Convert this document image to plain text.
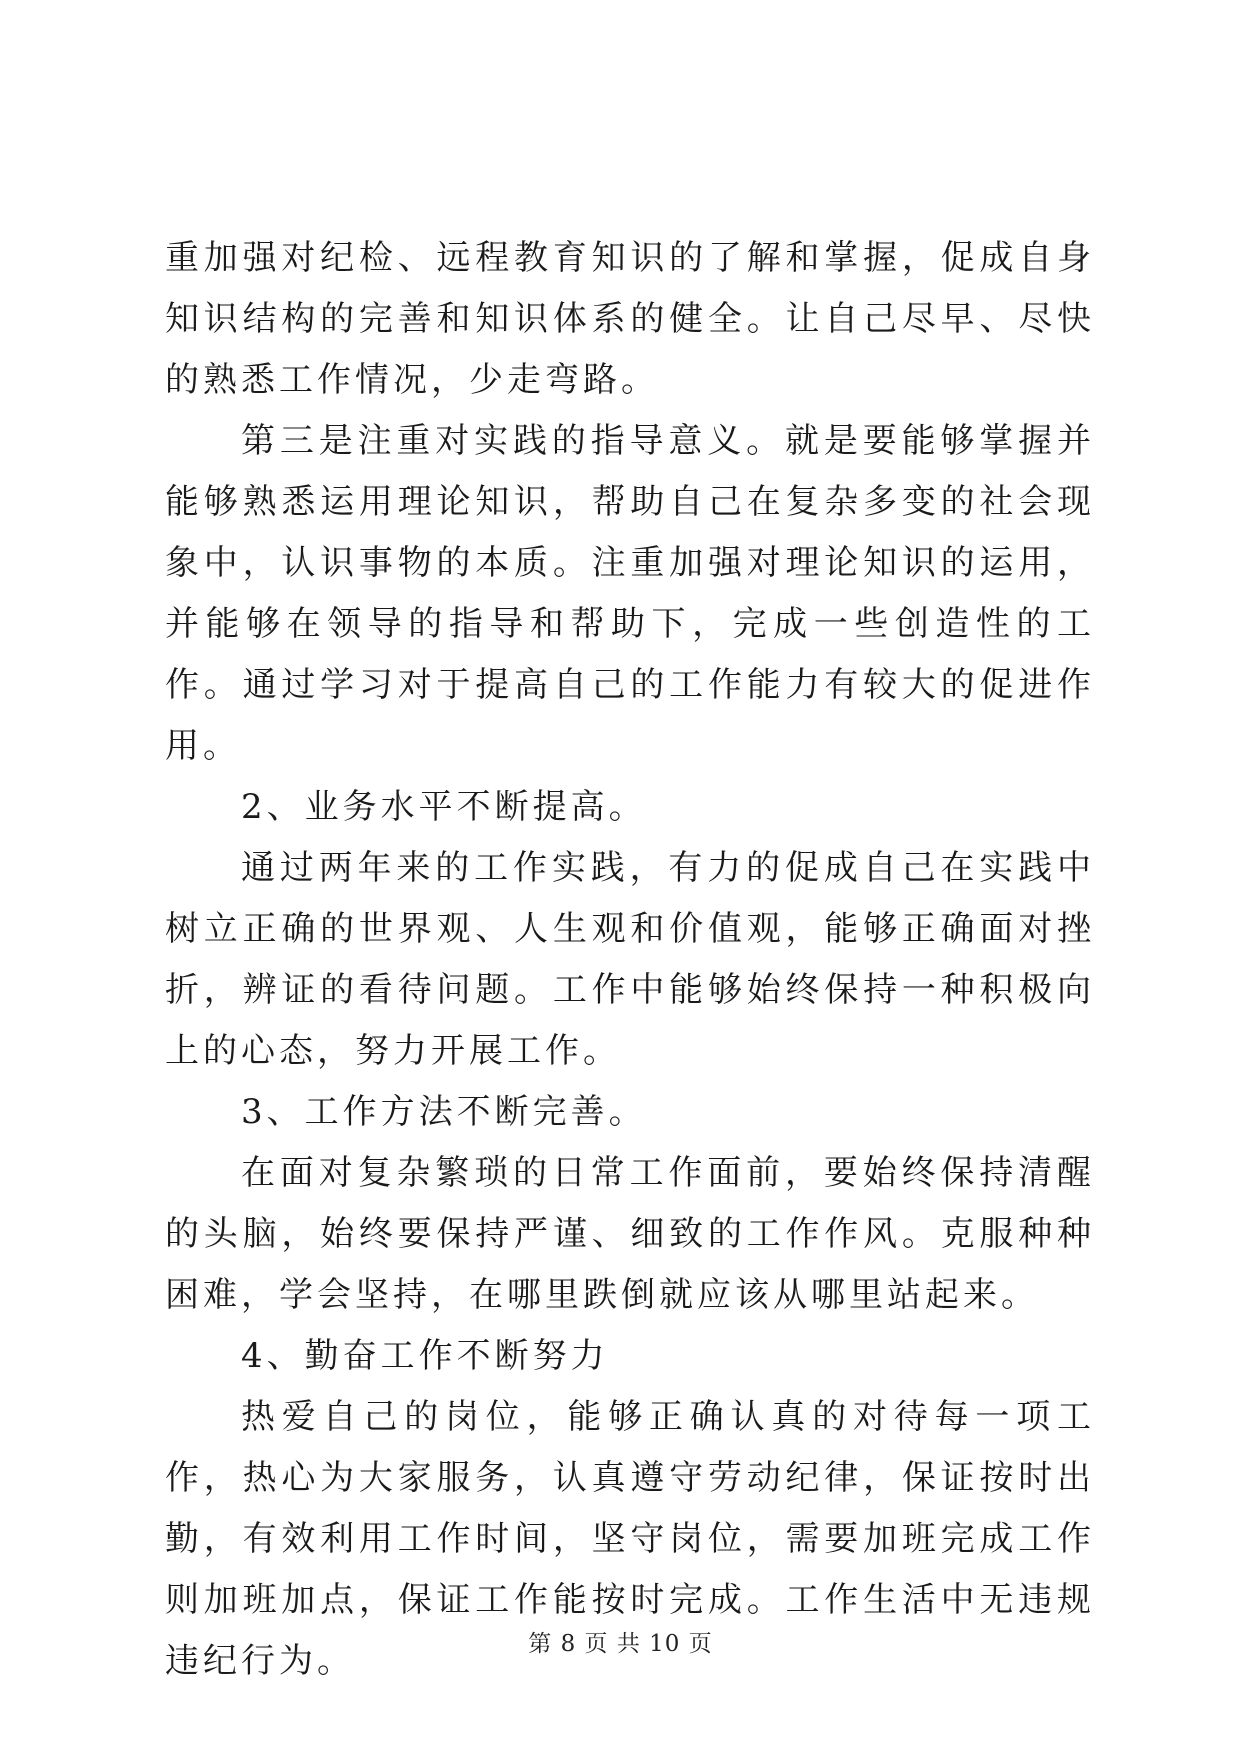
重加强对纪检、远程教育知识的了解和掌握，促成自身知识结构的完善和知识体系的健全。让自己尽早、尽快的熟悉工作情况，少走弯路。

第三是注重对实践的指导意义。就是要能够掌握并能够熟悉运用理论知识，帮助自己在复杂多变的社会现象中，认识事物的本质。注重加强对理论知识的运用，并能够在领导的指导和帮助下，完成一些创造性的工作。通过学习对于提高自己的工作能力有较大的促进作用。

2、业务水平不断提高。

通过两年来的工作实践，有力的促成自己在实践中树立正确的世界观、人生观和价值观，能够正确面对挫折，辨证的看待问题。工作中能够始终保持一种积极向上的心态，努力开展工作。

3、工作方法不断完善。

在面对复杂繁琐的日常工作面前，要始终保持清醒的头脑，始终要保持严谨、细致的工作作风。克服种种困难，学会坚持，在哪里跌倒就应该从哪里站起来。

4、勤奋工作不断努力

热爱自己的岗位，能够正确认真的对待每一项工作，热心为大家服务，认真遵守劳动纪律，保证按时出勤，有效利用工作时间，坚守岗位，需要加班完成工作则加班加点，保证工作能按时完成。工作生活中无违规违纪行为。	第 8 页 共 10 页
